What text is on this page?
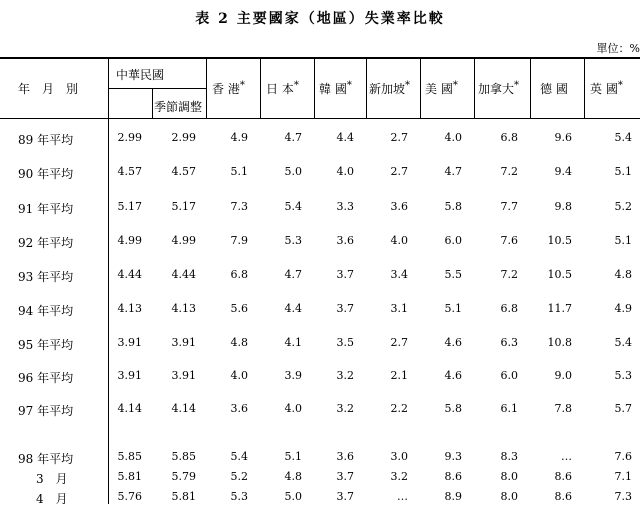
表 2 主要國家（地區）失業率比較
單位：%
年　月　別
中華民國
季節調整
香 港* 日 本* 韓 國* 新加坡* 美 國* 加拿大* 德 國 英 國*
89 年平均	2.99	2.99	4.9	4.7	4.4	2.7	4.0	6.8	9.6	5.4
90 年平均	4.57	4.57	5.1	5.0	4.0	2.7	4.7	7.2	9.4	5.1
91 年平均	5.17	5.17	7.3	5.4	3.3	3.6	5.8	7.7	9.8	5.2
92 年平均	4.99	4.99	7.9	5.3	3.6	4.0	6.0	7.6	10.5	5.1
93 年平均	4.44	4.44	6.8	4.7	3.7	3.4	5.5	7.2	10.5	4.8
94 年平均	4.13	4.13	5.6	4.4	3.7	3.1	5.1	6.8	11.7	4.9
95 年平均	3.91	3.91	4.8	4.1	3.5	2.7	4.6	6.3	10.8	5.4
96 年平均	3.91	3.91	4.0	3.9	3.2	2.1	4.6	6.0	9.0	5.3
97 年平均	4.14	4.14	3.6	4.0	3.2	2.2	5.8	6.1	7.8	5.7
98 年平均	5.85	5.85	5.4	5.1	3.6	3.0	9.3	8.3	…	7.6
3　月	5.81	5.79	5.2	4.8	3.7	3.2	8.6	8.0	8.6	7.1
4　月	5.76	5.81	5.3	5.0	3.7	…	8.9	8.0	8.6	7.3
